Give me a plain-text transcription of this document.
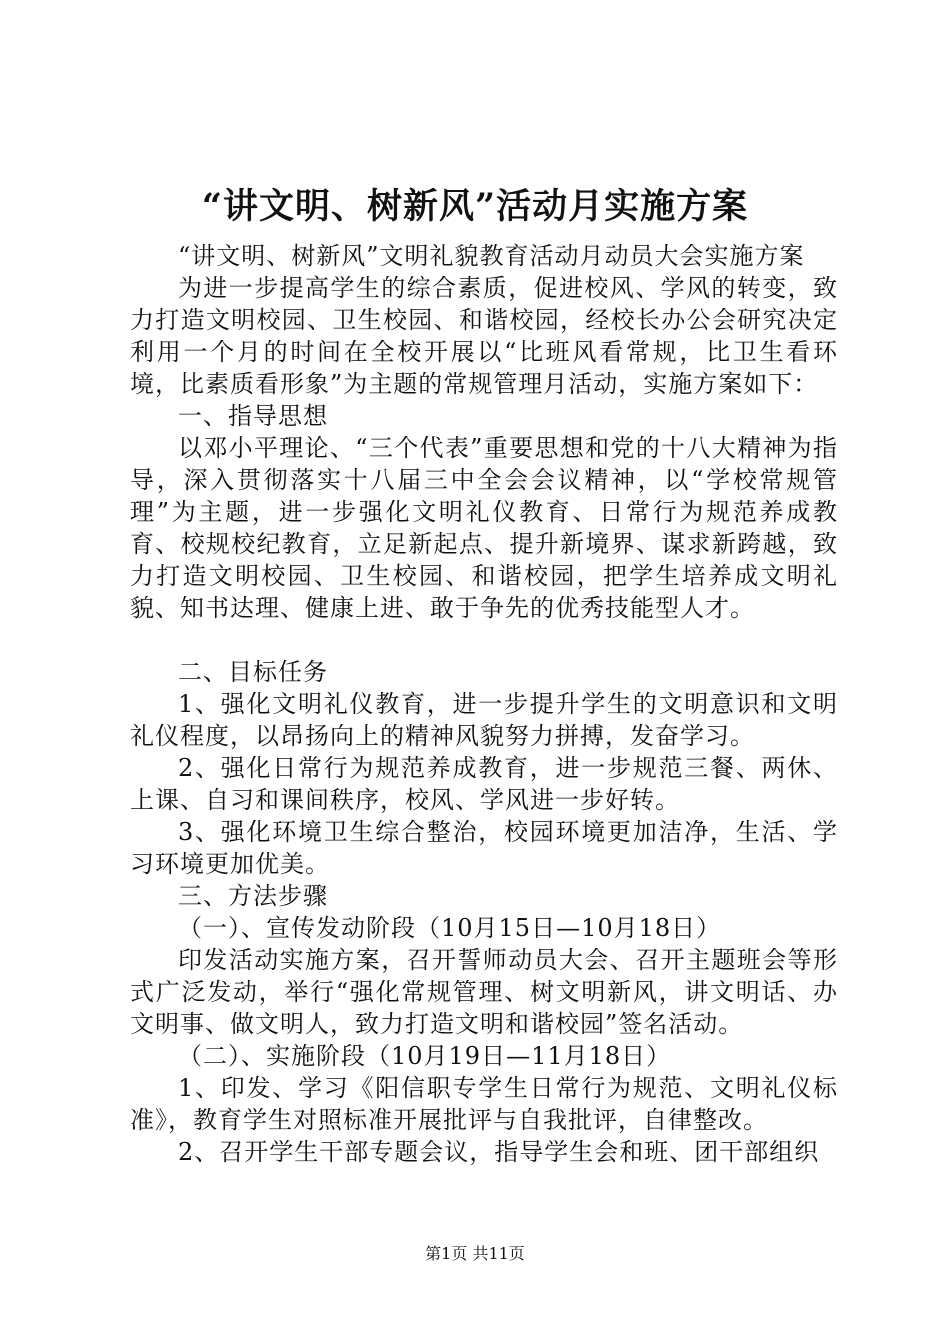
“讲文明、树新风”活动月实施方案

“讲文明、树新风”文明礼貌教育活动月动员大会实施方案

为进一步提高学生的综合素质，促进校风、学风的转变，致力打造文明校园、卫生校园、和谐校园，经校长办公会研究决定利用一个月的时间在全校开展以“比班风看常规，比卫生看环境，比素质看形象”为主题的常规管理月活动，实施方案如下：

一、指导思想

以邓小平理论、“三个代表”重要思想和党的十八大精神为指导，深入贯彻落实十八届三中全会会议精神，以“学校常规管理”为主题，进一步强化文明礼仪教育、日常行为规范养成教育、校规校纪教育，立足新起点、提升新境界、谋求新跨越，致力打造文明校园、卫生校园、和谐校园，把学生培养成文明礼貌、知书达理、健康上进、敢于争先的优秀技能型人才。

二、目标任务

1、强化文明礼仪教育，进一步提升学生的文明意识和文明礼仪程度，以昂扬向上的精神风貌努力拼搏，发奋学习。

2、强化日常行为规范养成教育，进一步规范三餐、两休、上课、自习和课间秩序，校风、学风进一步好转。

3、强化环境卫生综合整治，校园环境更加洁净，生活、学习环境更加优美。

三、方法步骤

（一）、宣传发动阶段（10月15日—10月18日）

印发活动实施方案，召开誓师动员大会、召开主题班会等形式广泛发动，举行“强化常规管理、树文明新风，讲文明话、办文明事、做文明人，致力打造文明和谐校园”签名活动。

（二）、实施阶段（10月19日—11月18日）

1、印发、学习《阳信职专学生日常行为规范、文明礼仪标准》，教育学生对照标准开展批评与自我批评，自律整改。

2、召开学生干部专题会议，指导学生会和班、团干部组织

第1页 共11页
